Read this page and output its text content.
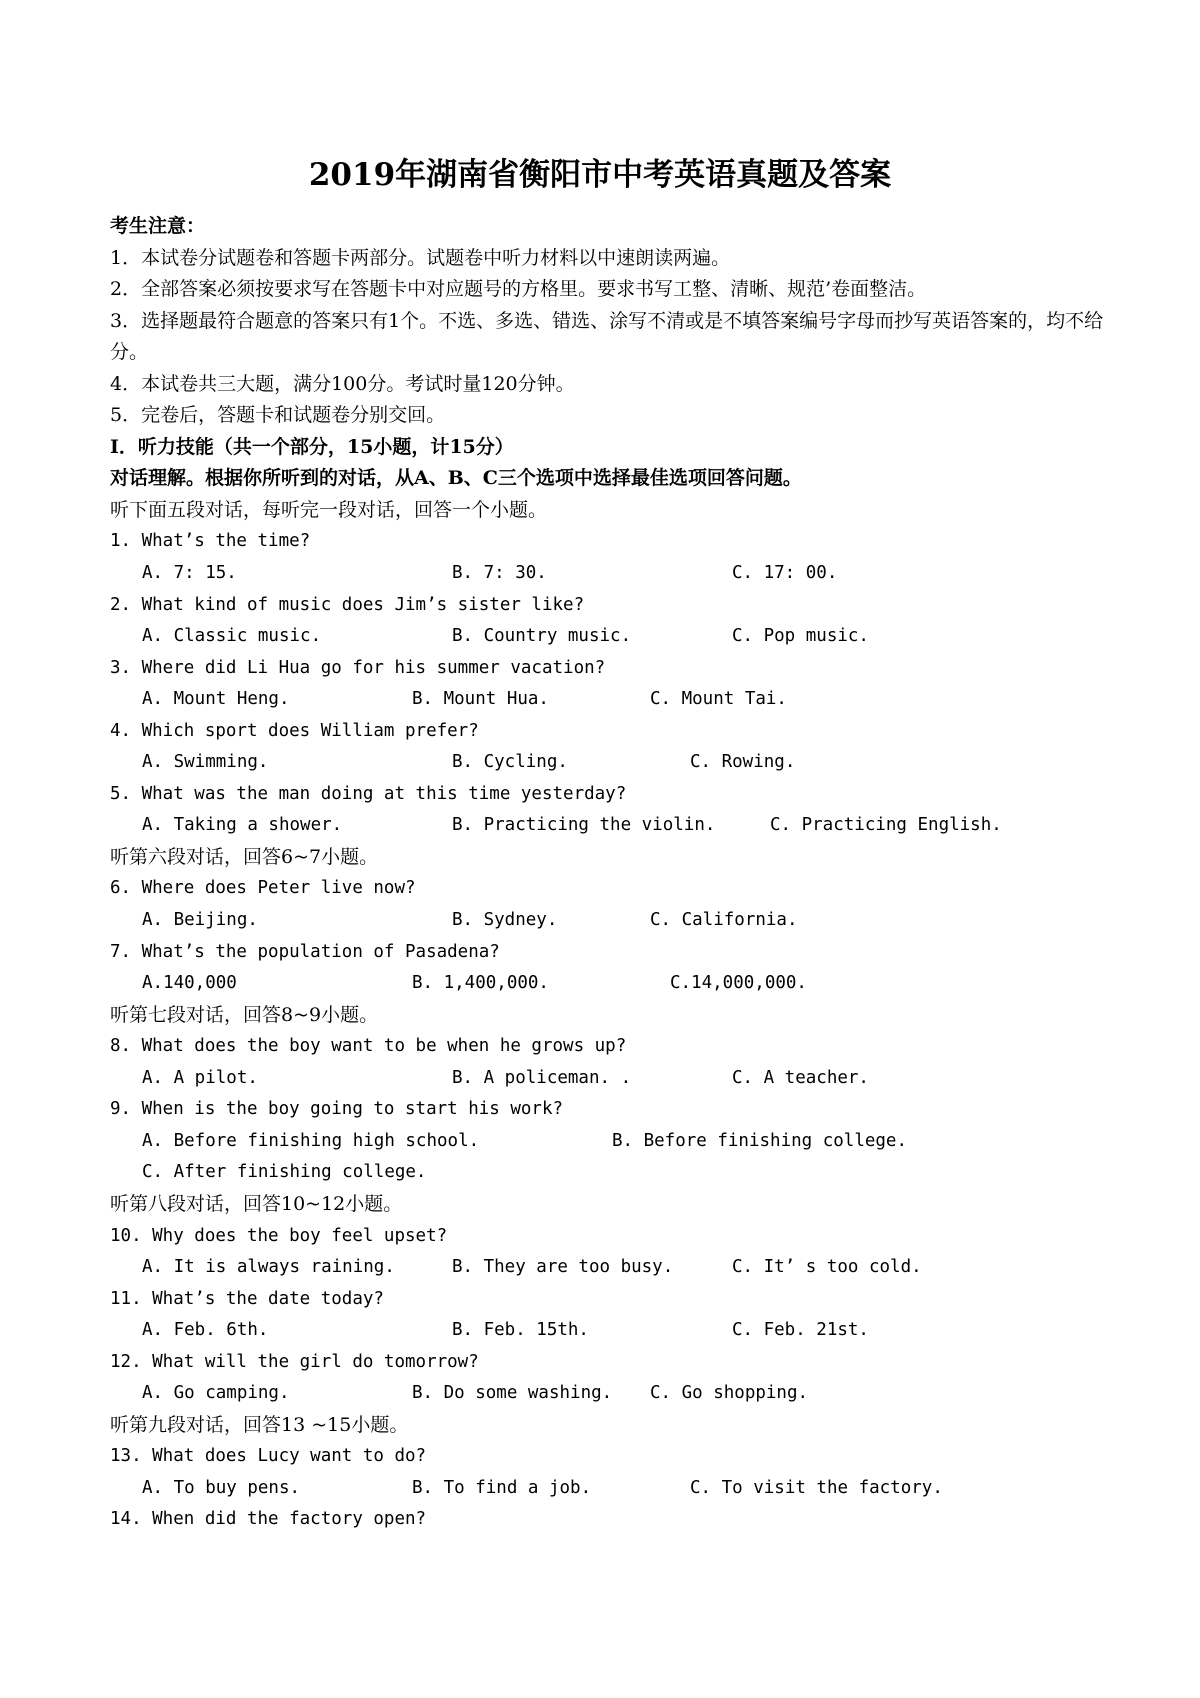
2019年湖南省衡阳市中考英语真题及答案
考生注意：
1．本试卷分试题卷和答题卡两部分。试题卷中听力材料以中速朗读两遍。
2．全部答案必须按要求写在答题卡中对应题号的方格里。要求书写工整、清晰、规范’卷面整洁。
3．选择题最符合题意的答案只有1个。不选、多选、错选、涂写不清或是不填答案编号字母而抄写英语答案的，均不给分。
4．本试卷共三大题，满分100分。考试时量120分钟。
5．完卷后，答题卡和试题卷分别交回。
I．听力技能（共一个部分，15小题，计15分）
对话理解。根据你所听到的对话，从A、B、C三个选项中选择最佳选项回答问题。
听下面五段对话，每听完一段对话，回答一个小题。
1. What’s the time?
A. 7: 15.	B. 7: 30.	C. 17: 00.
2. What kind of music does Jim’s sister like?
A. Classic music.	B. Country music.	C. Pop music.
3. Where did Li Hua go for his summer vacation?
A. Mount Heng.	B. Mount Hua.	C. Mount Tai.
4. Which sport does William prefer?
A. Swimming.	B. Cycling.	C. Rowing.
5. What was the man doing at this time yesterday?
A. Taking a shower.	B. Practicing the violin.	C. Practicing English.
听第六段对话，回答6~7小题。
6. Where does Peter live now?
A. Beijing.	B. Sydney.	C. California.
7. What’s the population of Pasadena?
A.140,000	B. 1,400,000.	C.14,000,000.
听第七段对话，回答8~9小题。
8. What does the boy want to be when he grows up?
A. A pilot.	B. A policeman. .	C. A teacher.
9. When is the boy going to start his work?
A. Before finishing high school.	B. Before finishing college.
C. After finishing college.
听第八段对话，回答10~12小题。
10. Why does the boy feel upset?
A. It is always raining.	B. They are too busy.	C. It’ s too cold.
11. What’s the date today?
A. Feb. 6th.	B. Feb. 15th.	C. Feb. 21st.
12. What will the girl do tomorrow?
A. Go camping.	B. Do some washing. C. Go shopping.
听第九段对话，回答13 ~15小题。
13. What does Lucy want to do?
A. To buy pens.	B. To find a job.	C. To visit the factory.
14. When did the factory open?
